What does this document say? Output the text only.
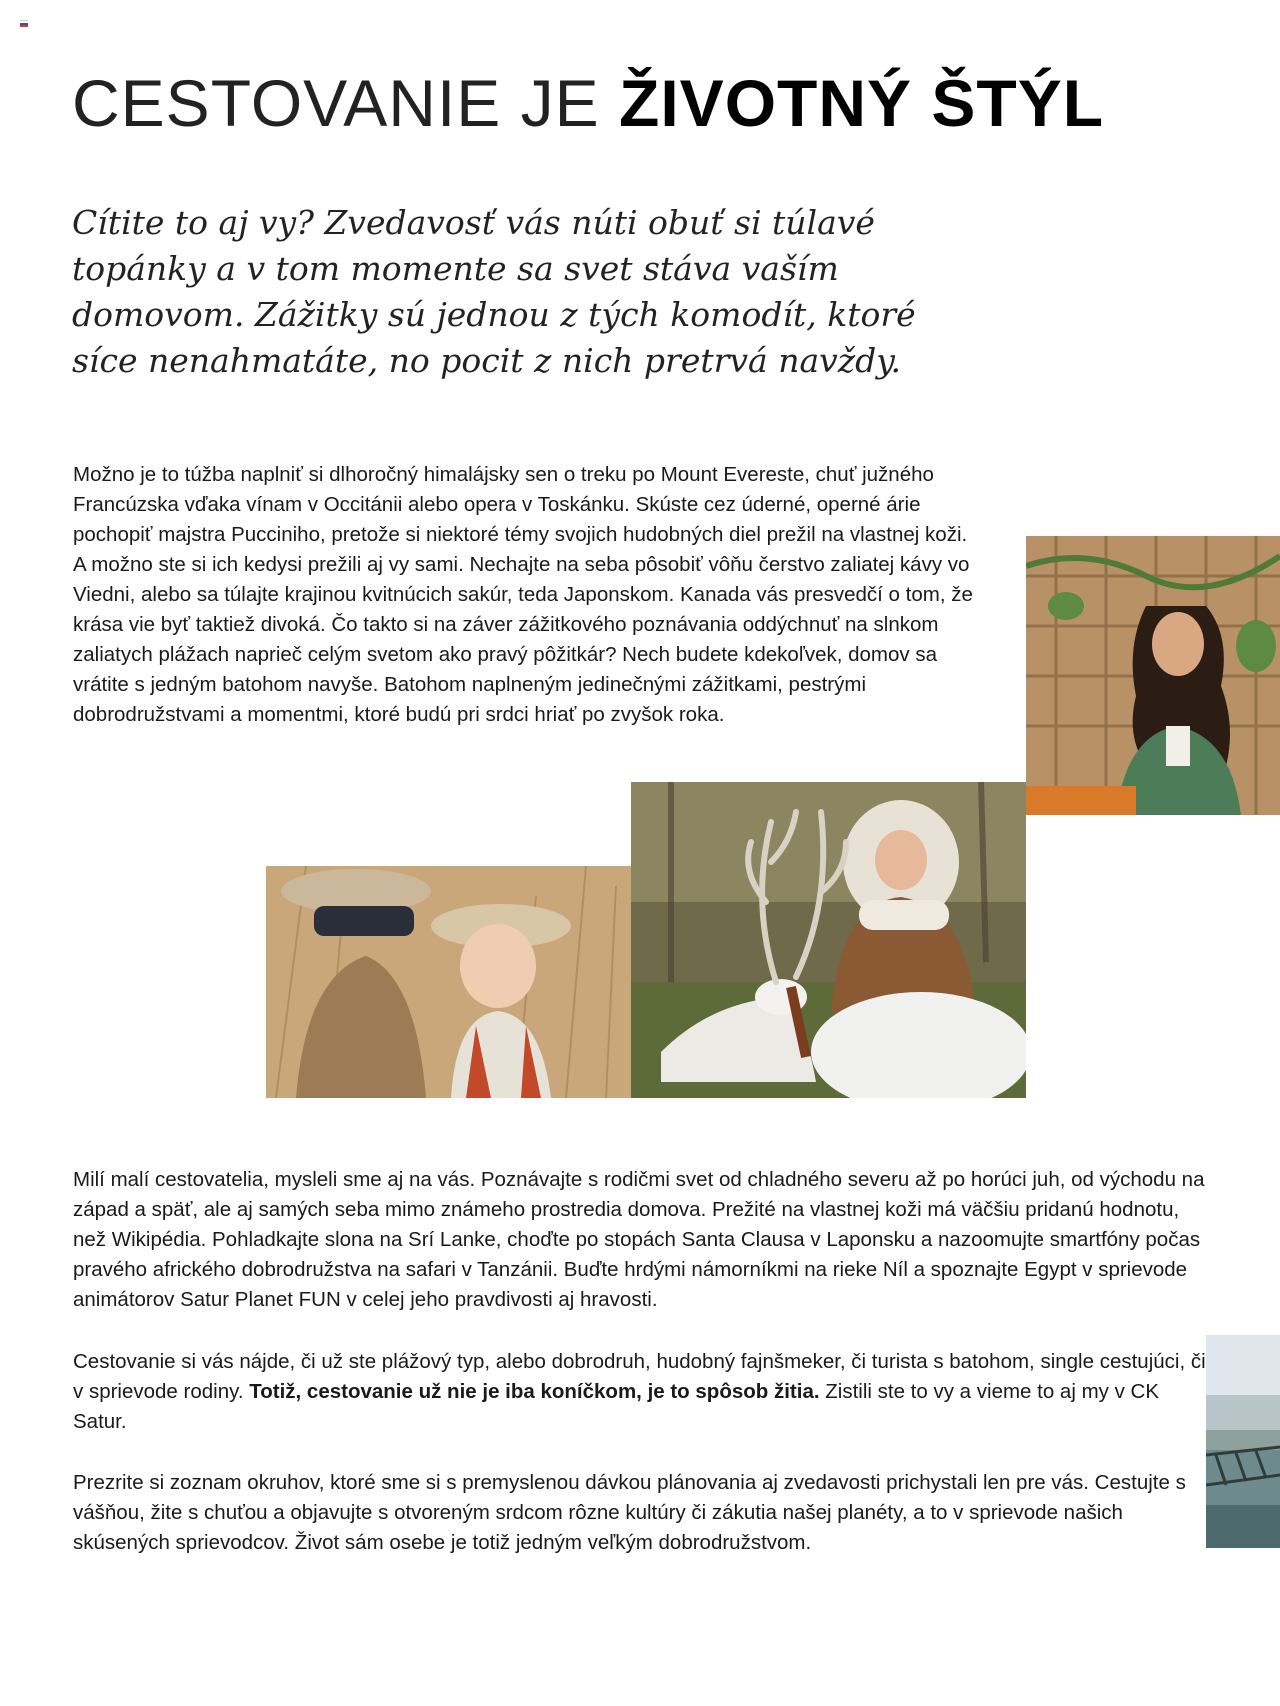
CESTOVANIE JE ŽIVOTNÝ ŠTÝL

Cítite to aj vy? Zvedavosť vás núti obuť si túlavé topánky a v tom momente sa svet stáva vaším domovom. Zážitky sú jednou z tých komodít, ktoré síce nenahmatáte, no pocit z nich pretrvá navždy.

Možno je to túžba naplniť si dlhoročný himalájsky sen o treku po Mount Evereste, chuť južného Francúzska vďaka vínam v Occitánii alebo opera v Toskánku. Skúste cez úderné, operné árie pochopiť majstra Pucciniho, pretože si niektoré témy svojich hudobných diel prežil na vlastnej koži. A možno ste si ich kedysi prežili aj vy sami. Nechajte na seba pôsobiť vôňu čerstvo zaliatej kávy vo Viedni, alebo sa túlajte krajinou kvitnúcich sakúr, teda Japonskom. Kanada vás presvedčí o tom, že krása vie byť taktiež divoká. Čo takto si na záver zážitkového poznávania oddýchnuť na slnkom zaliatych plážach naprieč celým svetom ako pravý pôžitkár? Nech budete kdekoľvek, domov sa vrátite s jedným batohom navyše. Batohom naplneným jedinečnými zážitkami, pestrými dobrodružstvami a momentmi, ktoré budú pri srdci hriať po zvyšok roka.

Milí malí cestovatelia, mysleli sme aj na vás. Poznávajte s rodičmi svet od chladného severu až po horúci juh, od východu na západ a späť, ale aj samých seba mimo známeho prostredia domova. Prežité na vlastnej koži má väčšiu pridanú hodnotu, než Wikipédia. Pohladkajte slona na Srí Lanke, choďte po stopách Santa Clausa v Laponsku a nazoomujte smartfóny počas pravého afrického dobrodružstva na safari v Tanzánii. Buďte hrdými námorníkmi na rieke Níl a spoznajte Egypt v sprievode animátorov Satur Planet FUN v celej jeho pravdivosti aj hravosti.

Cestovanie si vás nájde, či už ste plážový typ, alebo dobrodruh, hudobný fajnšmeker, či turista s batohom, single cestujúci, či v sprievode rodiny. Totiž, cestovanie už nie je iba koníčkom, je to spôsob žitia. Zistili ste to vy a vieme to aj my v CK Satur.

Prezrite si zoznam okruhov, ktoré sme si s premyslenou dávkou plánovania aj zvedavosti prichystali len pre vás. Cestujte s vášňou, žite s chuťou a objavujte s otvoreným srdcom rôzne kultúry či zákutia našej planéty, a to v sprievode našich skúsených sprievodcov. Život sám osebe je totiž jedným veľkým dobrodružstvom.
